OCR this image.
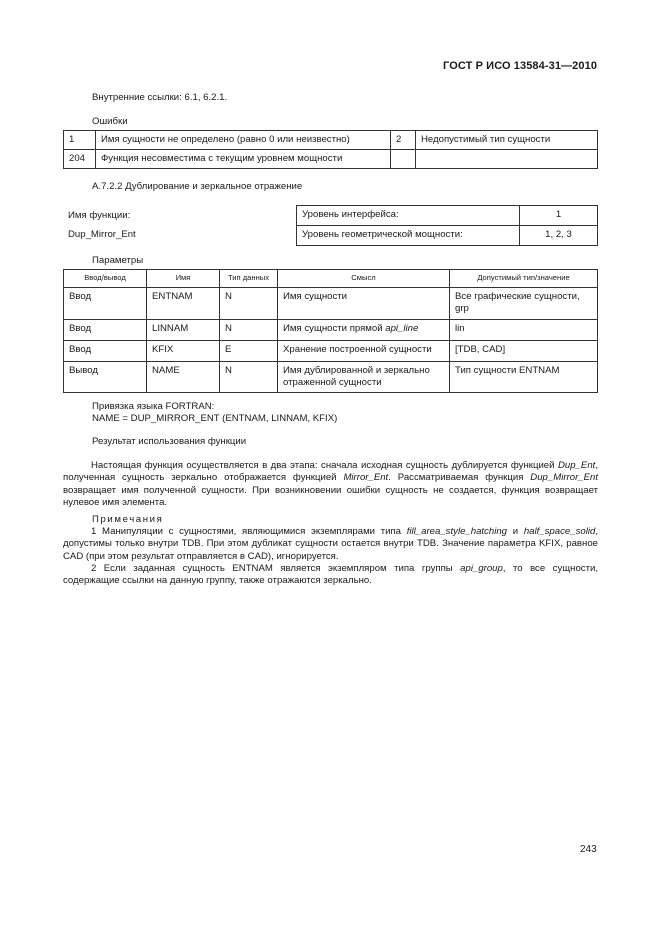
ГОСТ Р ИСО 13584-31—2010
Внутренние ссылки: 6.1, 6.2.1.
Ошибки
1	Имя сущности не определено (равно 0 или неизвестно)	2	Недопустимый тип сущности
204	Функция несовместима с текущим уровнем мощности		
А.7.2.2 Дублирование и зеркальное отражение
Имя функции:
Dup_Mirror_Ent
Уровень интерфейса:	1
Уровень геометрической мощности:	1, 2, 3
Параметры
Ввод/вывод	Имя	Тип данных	Смысл	Допустимый тип/значение
Ввод	ENTNAM	N	Имя сущности	Все графические сущности, grp
Ввод	LINNAM	N	Имя сущности прямой api_line	lin
Ввод	KFIX	E	Хранение построенной сущности	[TDB, CAD]
Вывод	NAME	N	Имя дублированной и зеркально отраженной сущности	Тип сущности ENTNAM
Привязка языка FORTRAN:
NAME = DUP_MIRROR_ENT (ENTNAM, LINNAM, KFIX)
Результат использования функции

Настоящая функция осуществляется в два этапа: сначала исходная сущность дублируется функцией Dup_Ent, полученная сущность зеркально отображается функцией Mirror_Ent. Рассматриваемая функция Dup_Mirror_Ent возвращает имя полученной сущности. При возникновении ошибки сущность не создается, функция возвращает нулевое имя элемента.

Примечания

1 Манипуляции с сущностями, являющимися экземплярами типа fill_area_style_hatching и half_space_solid, допустимы только внутри TDB. При этом дубликат сущности остается внутри TDB. Значение параметра KFIX, равное CAD (при этом результат отправляется в CAD), игнорируется.

2 Если заданная сущность ENTNAM является экземпляром типа группы api_group, то все сущности, содержащие ссылки на данную группу, также отражаются зеркально.

243
